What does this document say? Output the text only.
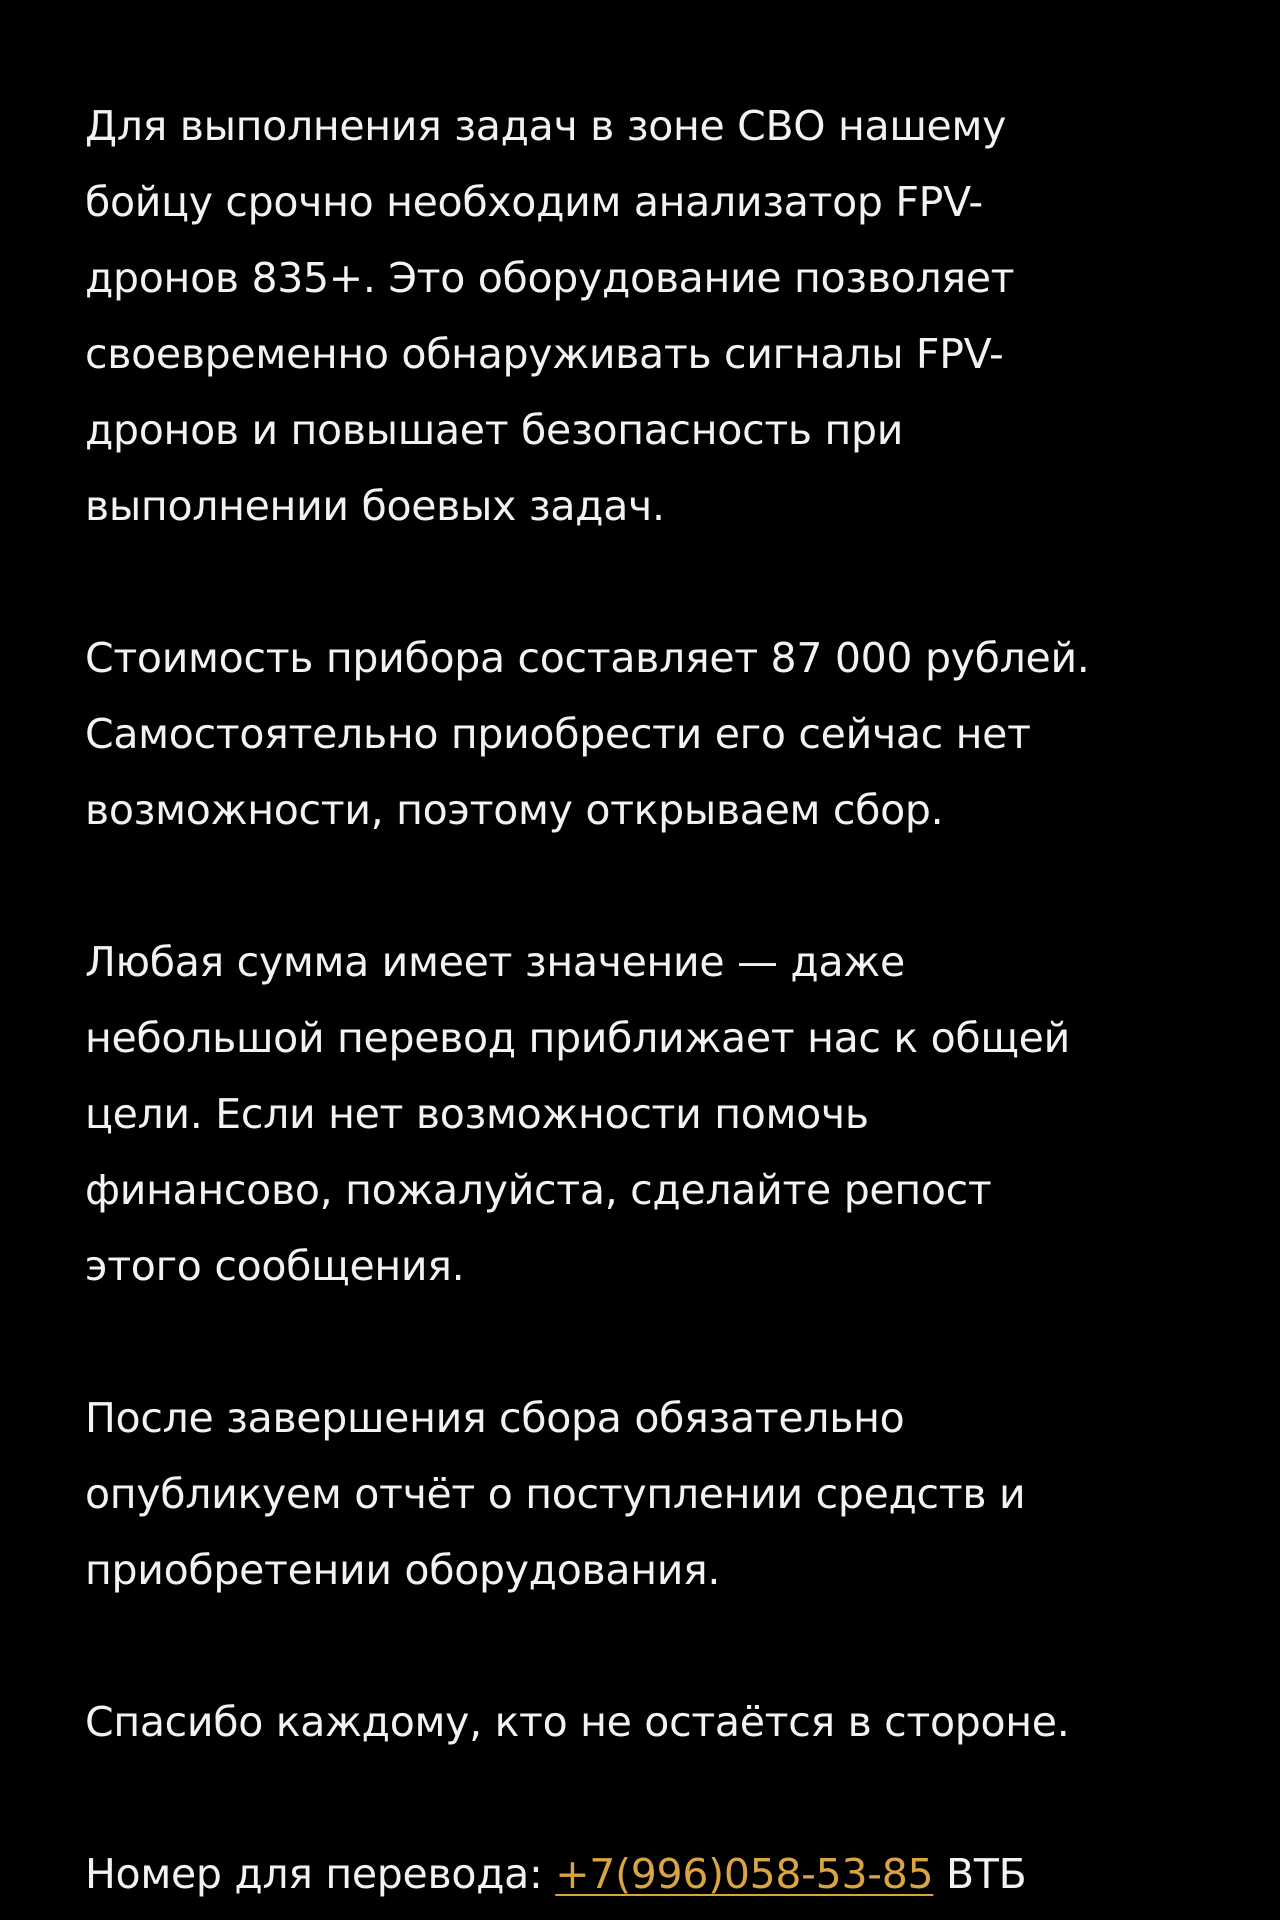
Для выполнения задач в зоне СВО нашему
бойцу срочно необходим анализатор FPV-
дронов 835+. Это оборудование позволяет
своевременно обнаруживать сигналы FPV-
дронов и повышает безопасность при
выполнении боевых задач.

Стоимость прибора составляет 87 000 рублей.
Самостоятельно приобрести его сейчас нет
возможности, поэтому открываем сбор.

Любая сумма имеет значение — даже
небольшой перевод приближает нас к общей
цели. Если нет возможности помочь
финансово, пожалуйста, сделайте репост
этого сообщения.

После завершения сбора обязательно
опубликуем отчёт о поступлении средств и
приобретении оборудования.

Спасибо каждому, кто не остаётся в стороне.

Номер для перевода: +7(996)058-53-85 ВТБ
